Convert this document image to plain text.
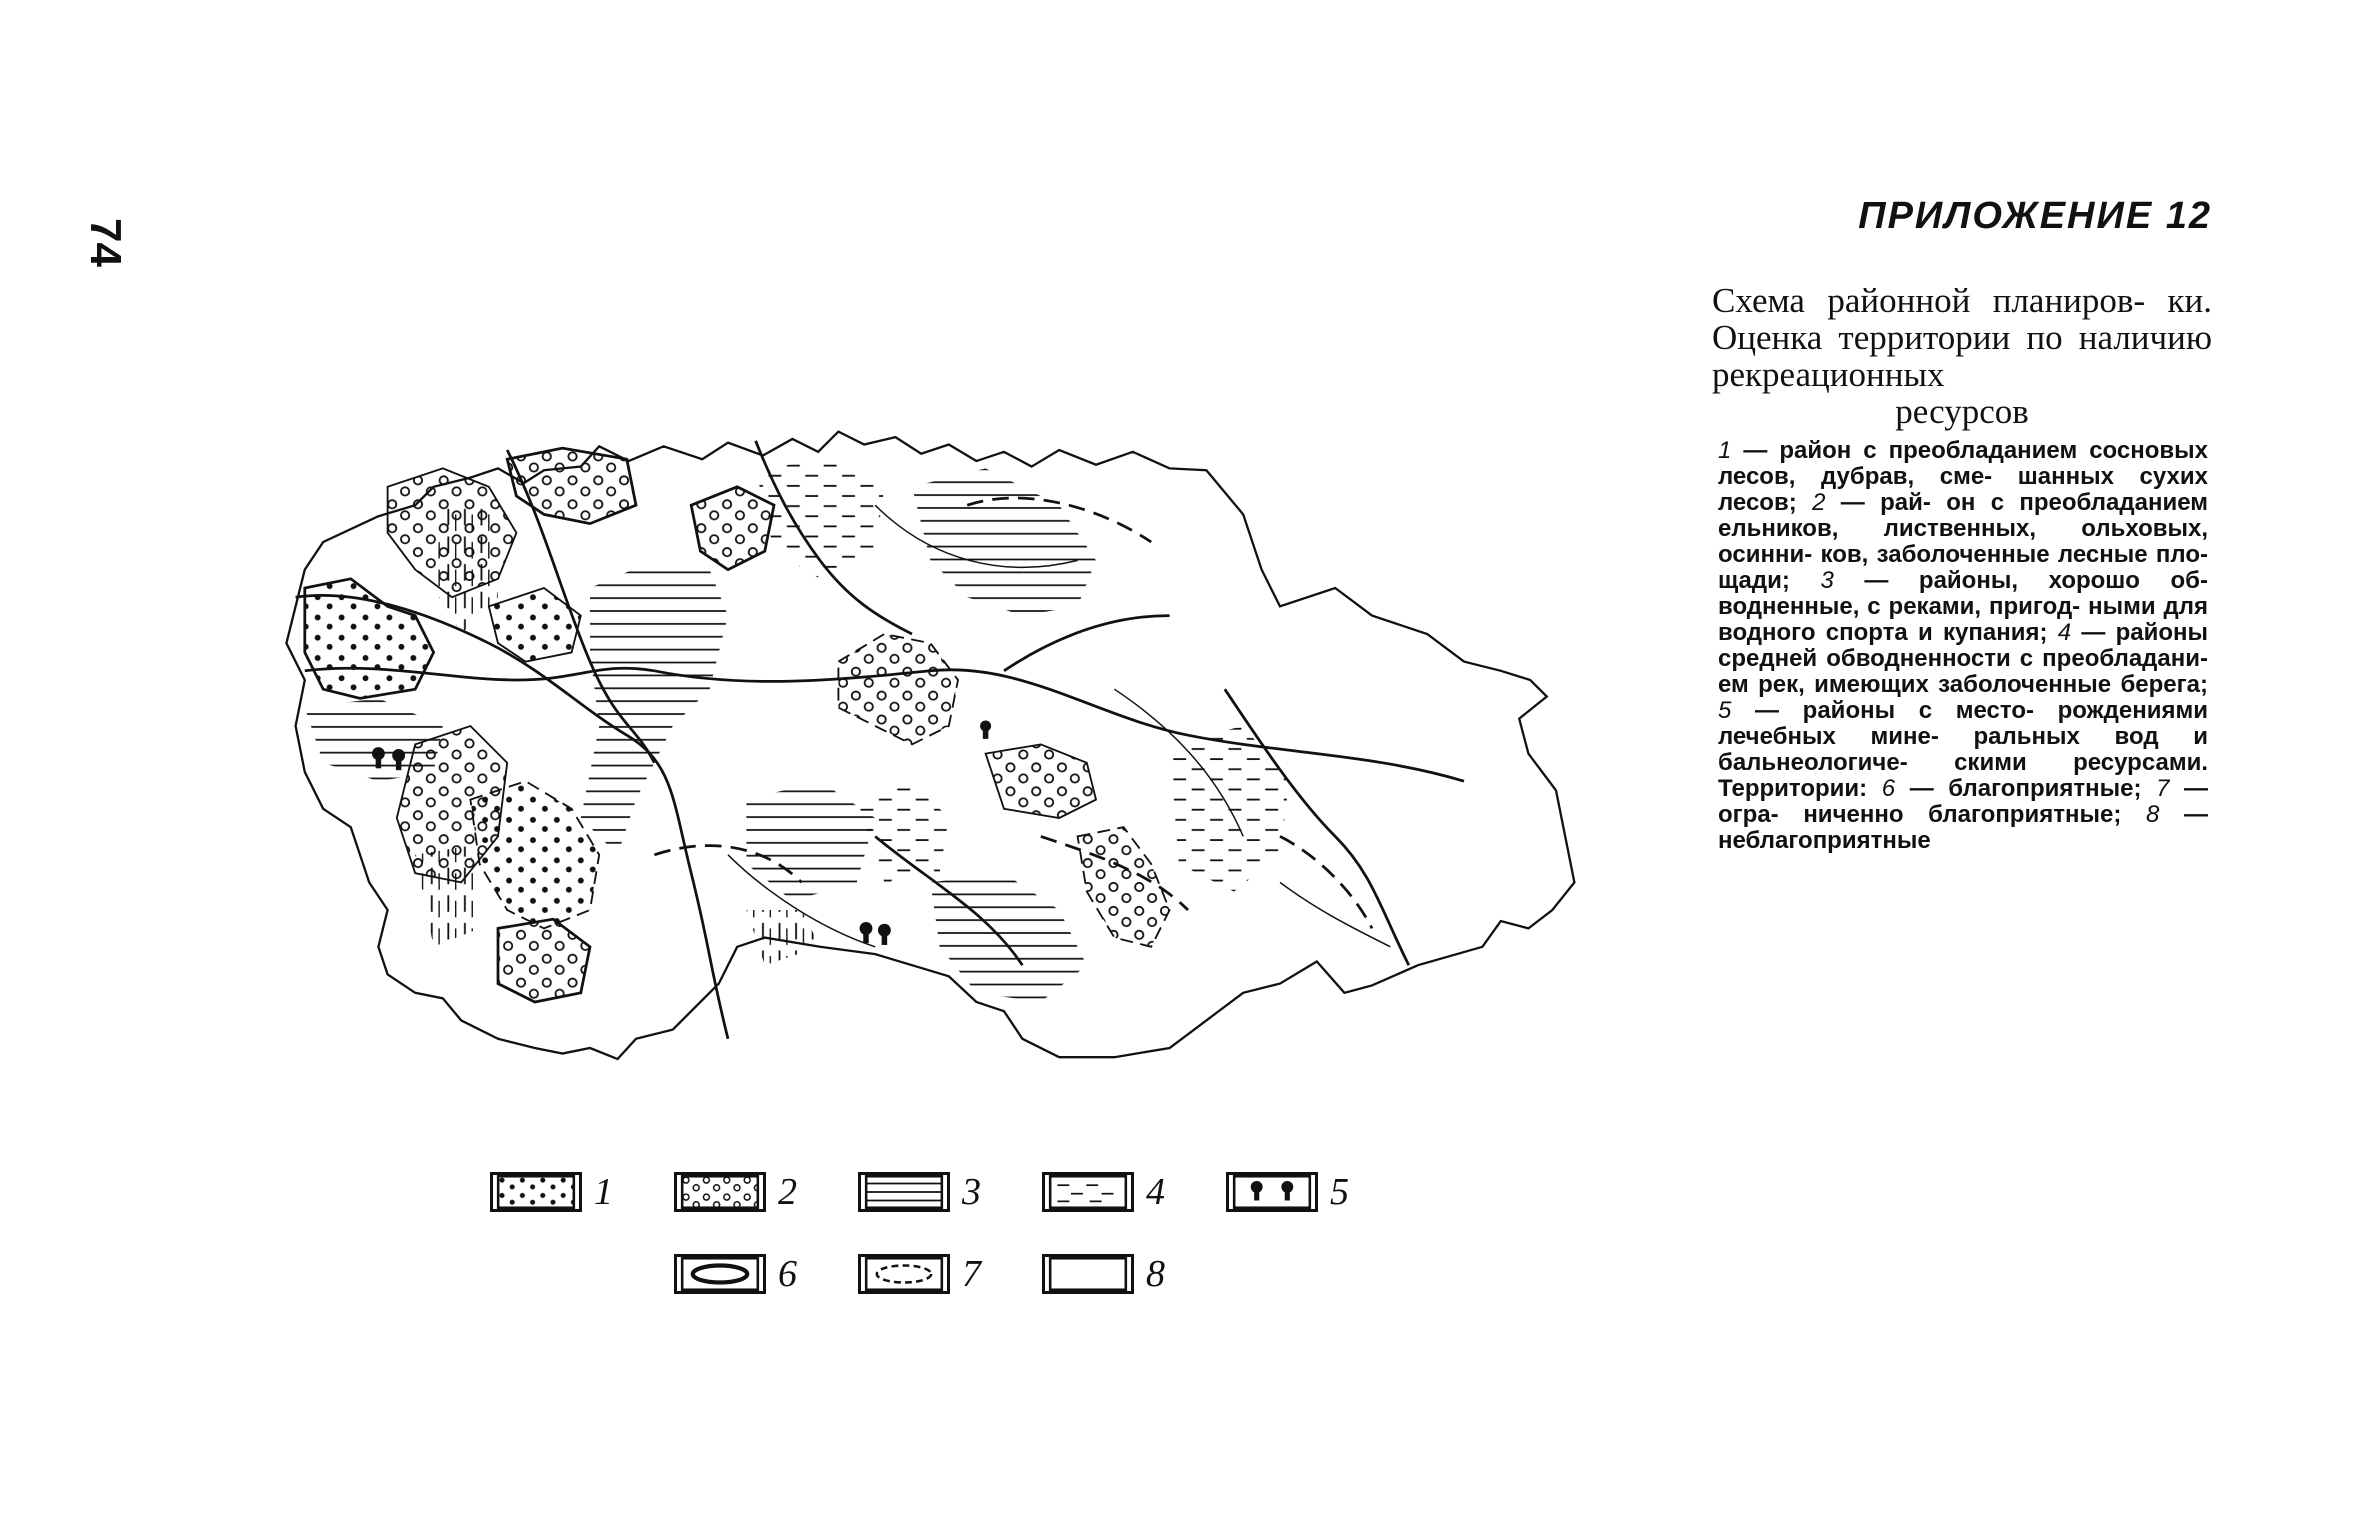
74
ПРИЛОЖЕНИЕ 12
Схема районной планиров- ки. Оценка территории по наличию рекреационных
ресурсов
1 — район с преобладанием сосновых лесов, дубрав, сме- шанных сухих лесов; 2 — рай- он с преобладанием ельников, лиственных, ольховых, осинни- ков, заболоченные лесные пло- щади; 3 — районы, хорошо об- водненные, с реками, пригод- ными для водного спорта и купания; 4 — районы средней обводненности с преобладани- ем рек, имеющих заболоченные берега; 5 — районы с место- рождениями лечебных мине- ральных вод и бальнеологиче- скими ресурсами. Территории: 6 — благоприятные; 7 — огра- ниченно благоприятные; 8 — неблагоприятные
1	2	3	4	5
6	7	8
